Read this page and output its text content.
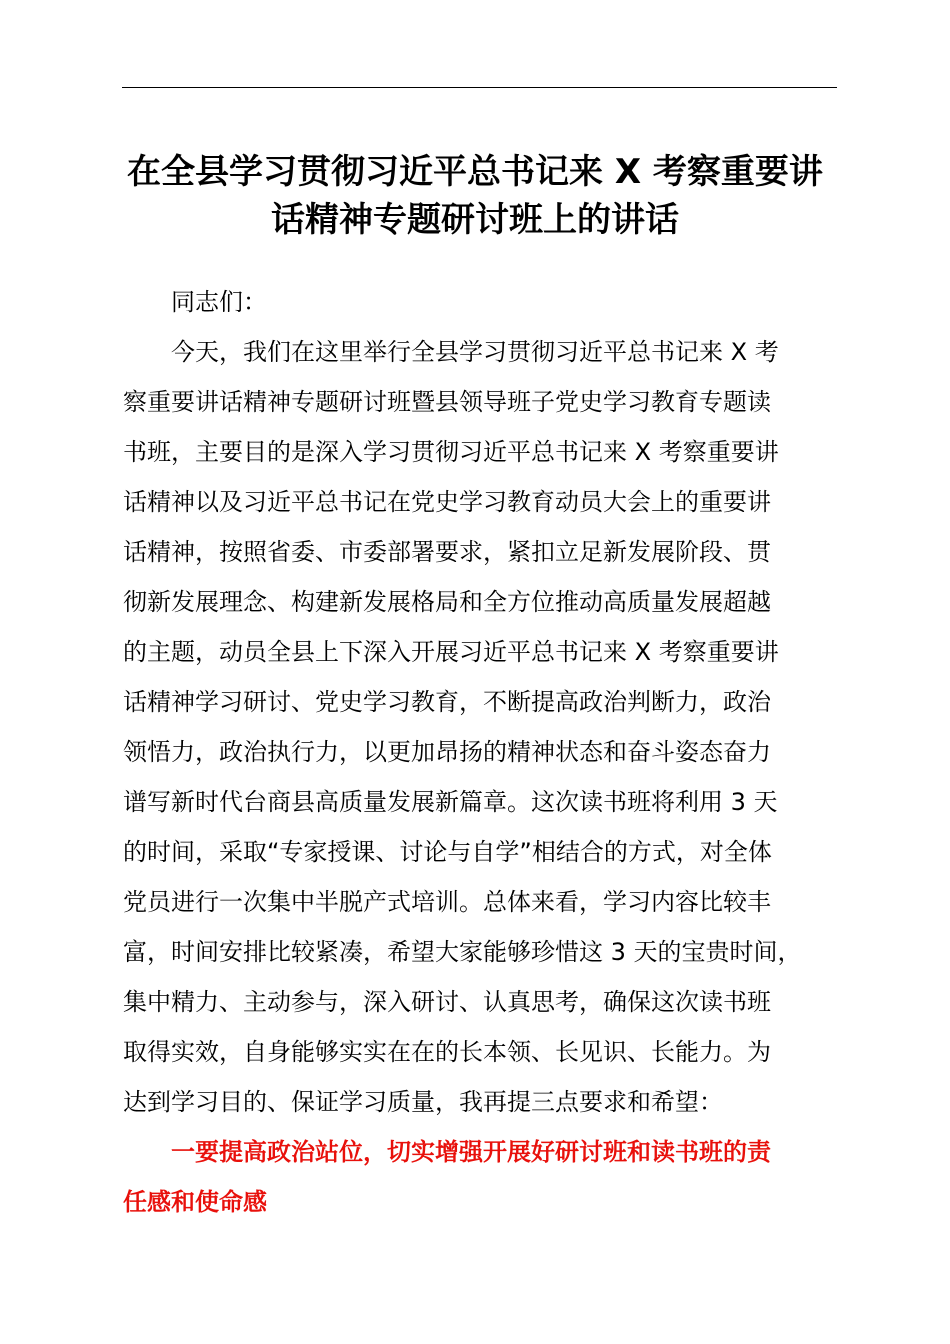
在全县学习贯彻习近平总书记来 X 考察重要讲
话精神专题研讨班上的讲话
同志们：
今天，我们在这里举行全县学习贯彻习近平总书记来 X 考
察重要讲话精神专题研讨班暨县领导班子党史学习教育专题读
书班，主要目的是深入学习贯彻习近平总书记来 X 考察重要讲
话精神以及习近平总书记在党史学习教育动员大会上的重要讲
话精神，按照省委、市委部署要求，紧扣立足新发展阶段、贯
彻新发展理念、构建新发展格局和全方位推动高质量发展超越
的主题，动员全县上下深入开展习近平总书记来 X 考察重要讲
话精神学习研讨、党史学习教育，不断提高政治判断力，政治
领悟力，政治执行力，以更加昂扬的精神状态和奋斗姿态奋力
谱写新时代台商县高质量发展新篇章。这次读书班将利用 3 天
的时间，采取“专家授课、讨论与自学”相结合的方式，对全体
党员进行一次集中半脱产式培训。总体来看，学习内容比较丰
富，时间安排比较紧凑，希望大家能够珍惜这 3 天的宝贵时间，
集中精力、主动参与，深入研讨、认真思考，确保这次读书班
取得实效，自身能够实实在在的长本领、长见识、长能力。为
达到学习目的、保证学习质量，我再提三点要求和希望：
一要提高政治站位，切实增强开展好研讨班和读书班的责
任感和使命感
